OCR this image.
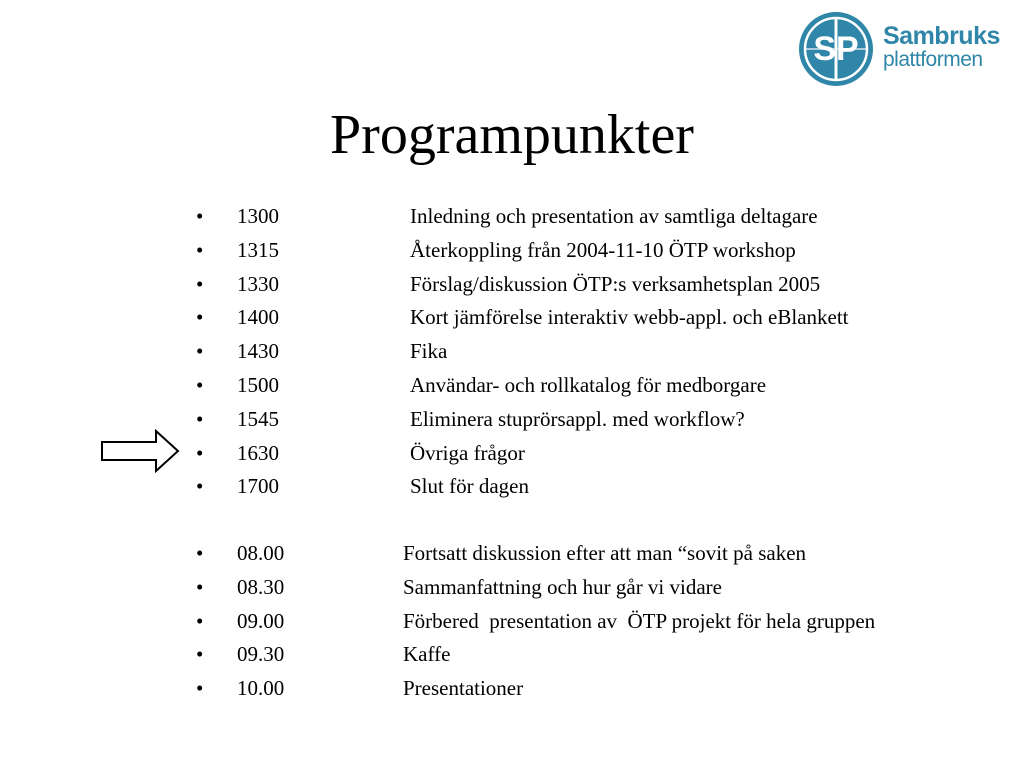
SP Sambruks
plattformen
Programpunkter
• 1300	Inledning och presentation av samtliga deltagare
• 1315	Återkoppling från 2004-11-10 ÖTP workshop
• 1330	Förslag/diskussion ÖTP:s verksamhetsplan 2005
• 1400	Kort jämförelse interaktiv webb-appl. och eBlankett
• 1430	Fika
• 1500	Användar- och rollkatalog för medborgare
• 1545	Eliminera stuprörsappl. med workflow?
• 1630	Övriga frågor
• 1700	Slut för dagen
• 08.00	Fortsatt diskussion efter att man “sovit på saken
• 08.30	Sammanfattning och hur går vi vidare
• 09.00	Förbered  presentation av  ÖTP projekt för hela gruppen
• 09.30	Kaffe
• 10.00	Presentationer
